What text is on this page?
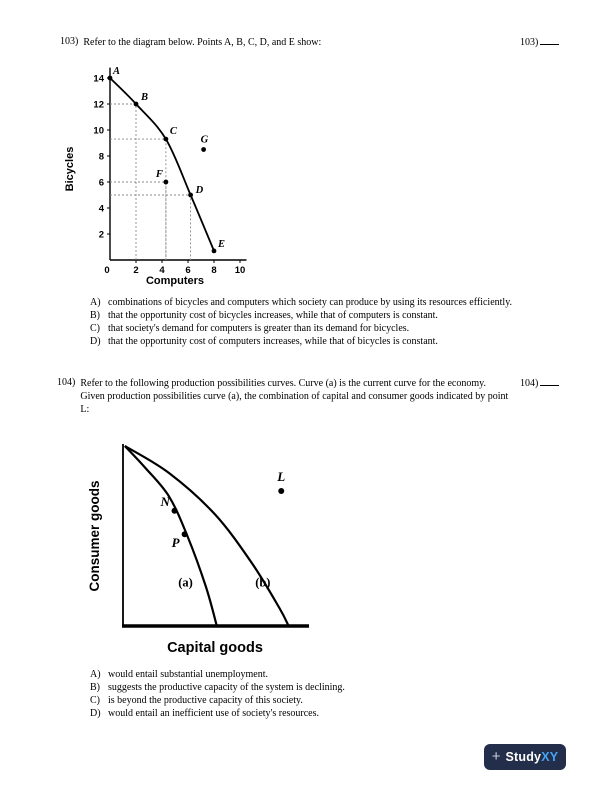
103) Refer to the diagram below. Points A, B, C, D, and E show:	103)
2
4
6
8
10
12
14
0 2 4 6 8 10
A
B
C
D
E
F
G
Computers
Bicycles
A) combinations of bicycles and computers which society can produce by using its resources efficiently.
B) that the opportunity cost of bicycles increases, while that of computers is constant.
C) that society's demand for computers is greater than its demand for bicycles.
D) that the opportunity cost of computers increases, while that of bicycles is constant.
104) Refer to the following production possibilities curves. Curve (a) is the current curve for the economy. Given production possibilities curve (a), the combination of capital and consumer goods indicated by point L:
104)
N
P
L
(a)	(b)
Capital goods
Consumer goods
A) would entail substantial unemployment.
B) suggests the productive capacity of the system is declining.
C) is beyond the productive capacity of this society.
D) would entail an inefficient use of society's resources.
+ StudyXY
